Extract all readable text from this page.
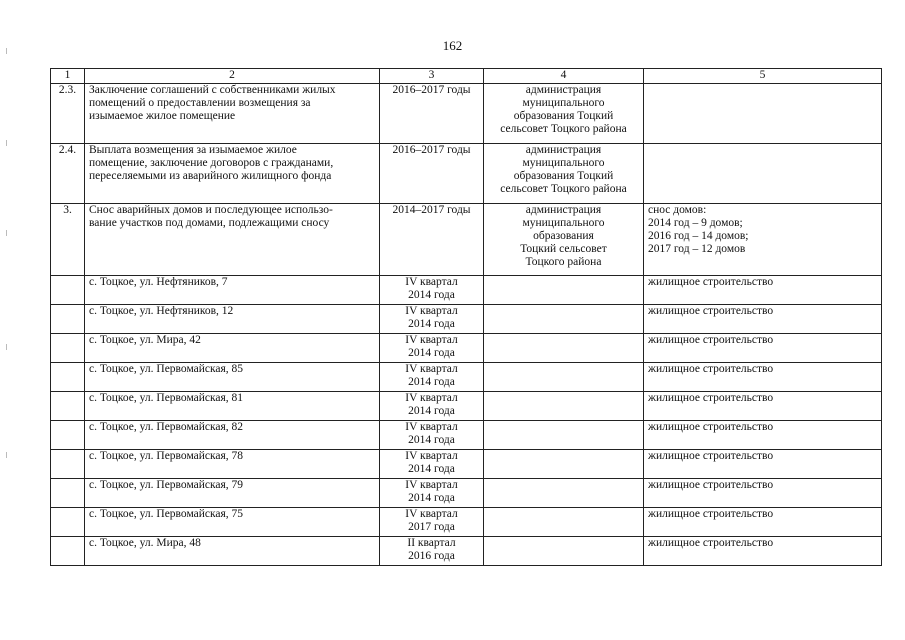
162
1	2	3	4	5
2.3.	Заключение соглашений с собственниками жилых
помещений о предоставлении возмещения за
изымаемое жилое помещение	2016–2017 годы	администрация
муниципального
образования Тоцкий
сельсовет Тоцкого района	

2.4.	Выплата возмещения за изымаемое жилое
помещение, заключение договоров с гражданами,
переселяемыми из аварийного жилищного фонда	2016–2017 годы	администрация
муниципального
образования Тоцкий
сельсовет Тоцкого района	

3.	Снос аварийных домов и последующее использо-
вание участков под домами, подлежащими сносу	2014–2017 годы	администрация
муниципального
образования
Тоцкий сельсовет
Тоцкого района	снос домов:
2014 год – 9 домов;
2016 год – 14 домов;
2017 год – 12 домов

	с. Тоцкое, ул. Нефтяников, 7	IV квартал
2014 года		жилищное строительство
	с. Тоцкое, ул. Нефтяников, 12	IV квартал
2014 года		жилищное строительство
	с. Тоцкое, ул. Мира, 42	IV квартал
2014 года		жилищное строительство
	с. Тоцкое, ул. Первомайская, 85	IV квартал
2014 года		жилищное строительство
	с. Тоцкое, ул. Первомайская, 81	IV квартал
2014 года		жилищное строительство
	с. Тоцкое, ул. Первомайская, 82	IV квартал
2014 года		жилищное строительство
	с. Тоцкое, ул. Первомайская, 78	IV квартал
2014 года		жилищное строительство
	с. Тоцкое, ул. Первомайская, 79	IV квартал
2014 года		жилищное строительство
	с. Тоцкое, ул. Первомайская, 75	IV квартал
2017 года		жилищное строительство
	с. Тоцкое, ул. Мира, 48	II квартал
2016 года		жилищное строительство
